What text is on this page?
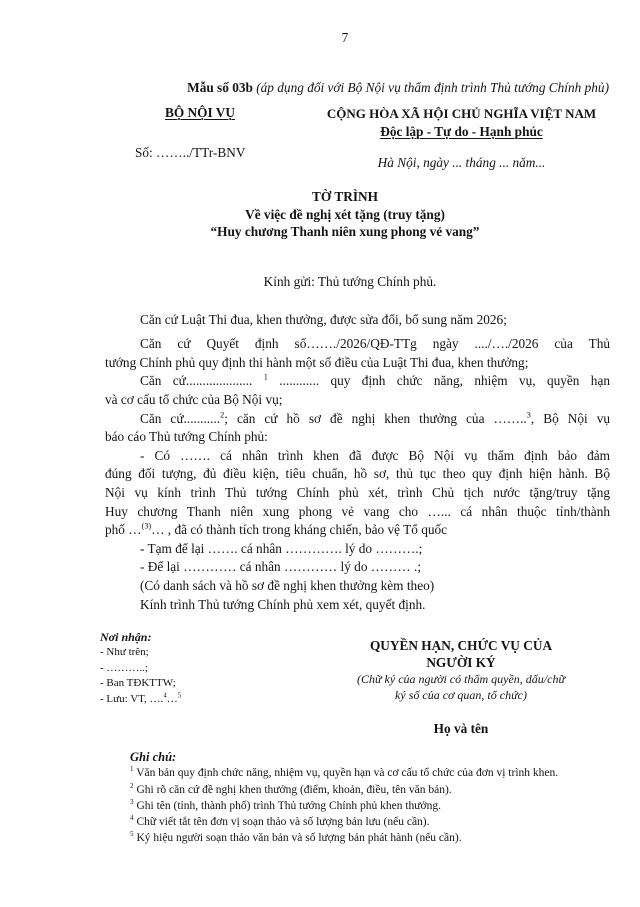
7
Mẫu số 03b (áp dụng đối với Bộ Nội vụ thẩm định trình Thủ tướng Chính phủ)
BỘ NỘI VỤ
Số: ……../TTr-BNV
CỘNG HÒA XÃ HỘI CHỦ NGHĨA VIỆT NAM
Độc lập - Tự do - Hạnh phúc
Hà Nội, ngày ... tháng ... năm...
TỜ TRÌNH
Về việc đề nghị xét tặng (truy tặng)
“Huy chương Thanh niên xung phong vẻ vang”
Kính gửi: Thủ tướng Chính phủ.
Căn cứ Luật Thi đua, khen thưởng, được sửa đổi, bổ sung năm 2026;
Căn cứ Quyết định số……./2026/QĐ-TTg ngày ..../…./2026 của Thủ
tướng Chính phủ quy định thi hành một số điều của Luật Thi đua, khen thưởng;
Căn cứ.................... $^1$ ............ quy định chức năng, nhiệm vụ, quyền hạn
và cơ cấu tổ chức của Bộ Nội vụ;
Căn cứ...........$^2$; căn cứ hồ sơ đề nghị khen thưởng của ……..$^3$, Bộ Nội vụ
báo cáo Thủ tướng Chính phủ:
- Có ……. cá nhân trình khen đã được Bộ Nội vụ thẩm định bảo đảm
đúng đối tượng, đủ điều kiện, tiêu chuẩn, hồ sơ, thủ tục theo quy định hiện hành. Bộ
Nội vụ kính trình Thủ tướng Chính phủ xét, trình Chủ tịch nước tặng/truy tặng
Huy chương Thanh niên xung phong vẻ vang cho …... cá nhân thuộc tỉnh/thành
phố …$^{(3)}$… , đã có thành tích trong kháng chiến, bảo vệ Tổ quốc
- Tạm để lại ……. cá nhân …………. lý do ……….;
- Để lại ………… cá nhân ………… lý do ……… .;
(Có danh sách và hồ sơ đề nghị khen thưởng kèm theo)
Kính trình Thủ tướng Chính phủ xem xét, quyết định.
Nơi nhận:
- Như trên;
- ………..;
- Ban TĐKTTW;
- Lưu: VT, ….$^4$…$^5$
QUYỀN HẠN, CHỨC VỤ CỦA
NGƯỜI KÝ
(Chữ ký của người có thẩm quyền, dấu/chữ
ký số của cơ quan, tổ chức)
Họ và tên
Ghi chú:
$^1$ Văn bản quy định chức năng, nhiệm vụ, quyền hạn và cơ cấu tổ chức của đơn vị trình khen.
$^2$ Ghi rõ căn cứ đề nghị khen thưởng (điểm, khoản, điều, tên văn bản).
$^3$ Ghi tên (tỉnh, thành phố) trình Thủ tướng Chính phủ khen thưởng.
$^4$ Chữ viết tắt tên đơn vị soạn thảo và số lượng bản lưu (nếu cần).
$^5$ Ký hiệu người soạn thảo văn bản và số lượng bản phát hành (nếu cần).
